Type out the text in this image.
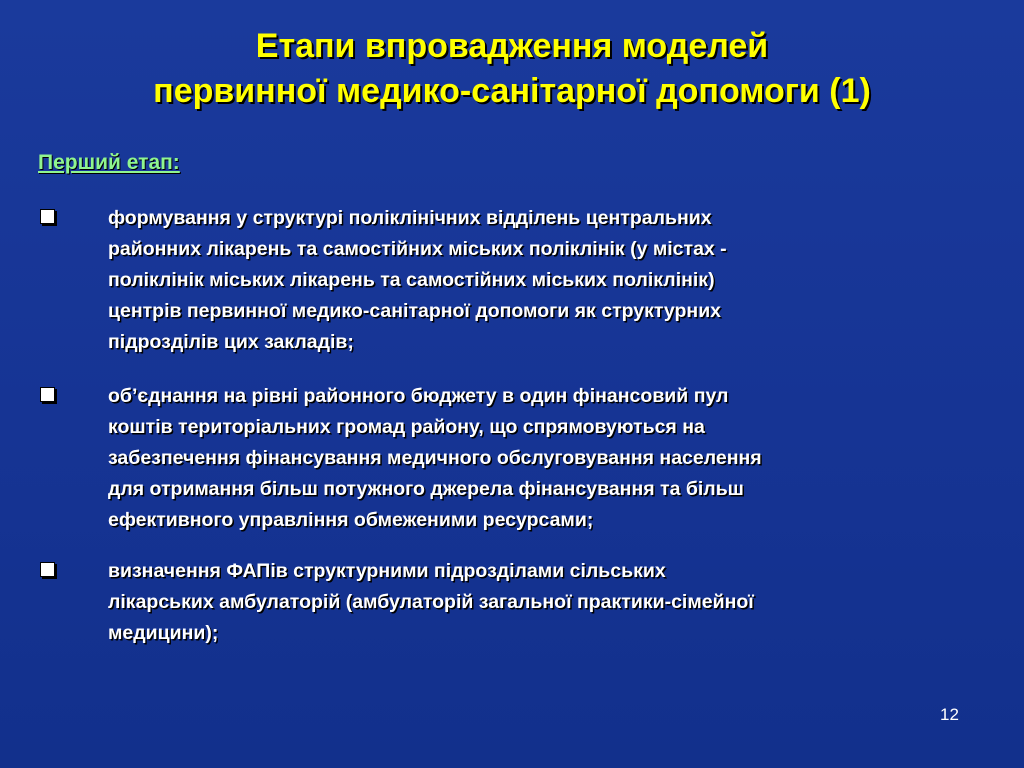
Етапи впровадження моделей
первинної медико-санітарної допомоги (1)
Перший етап:
формування у структурі поліклінічних відділень центральних
районних лікарень та самостійних міських поліклінік (у містах -
поліклінік міських лікарень та самостійних міських поліклінік)
центрів первинної медико-санітарної допомоги як структурних
підрозділів цих закладів;
об’єднання на рівні районного бюджету в один фінансовий пул
коштів територіальних громад району, що спрямовуються на
забезпечення фінансування медичного обслуговування населення
для отримання більш потужного джерела фінансування та більш
ефективного управління обмеженими ресурсами;
визначення ФАПів структурними підрозділами сільських
лікарських амбулаторій (амбулаторій загальної практики-сімейної
медицини);
12
